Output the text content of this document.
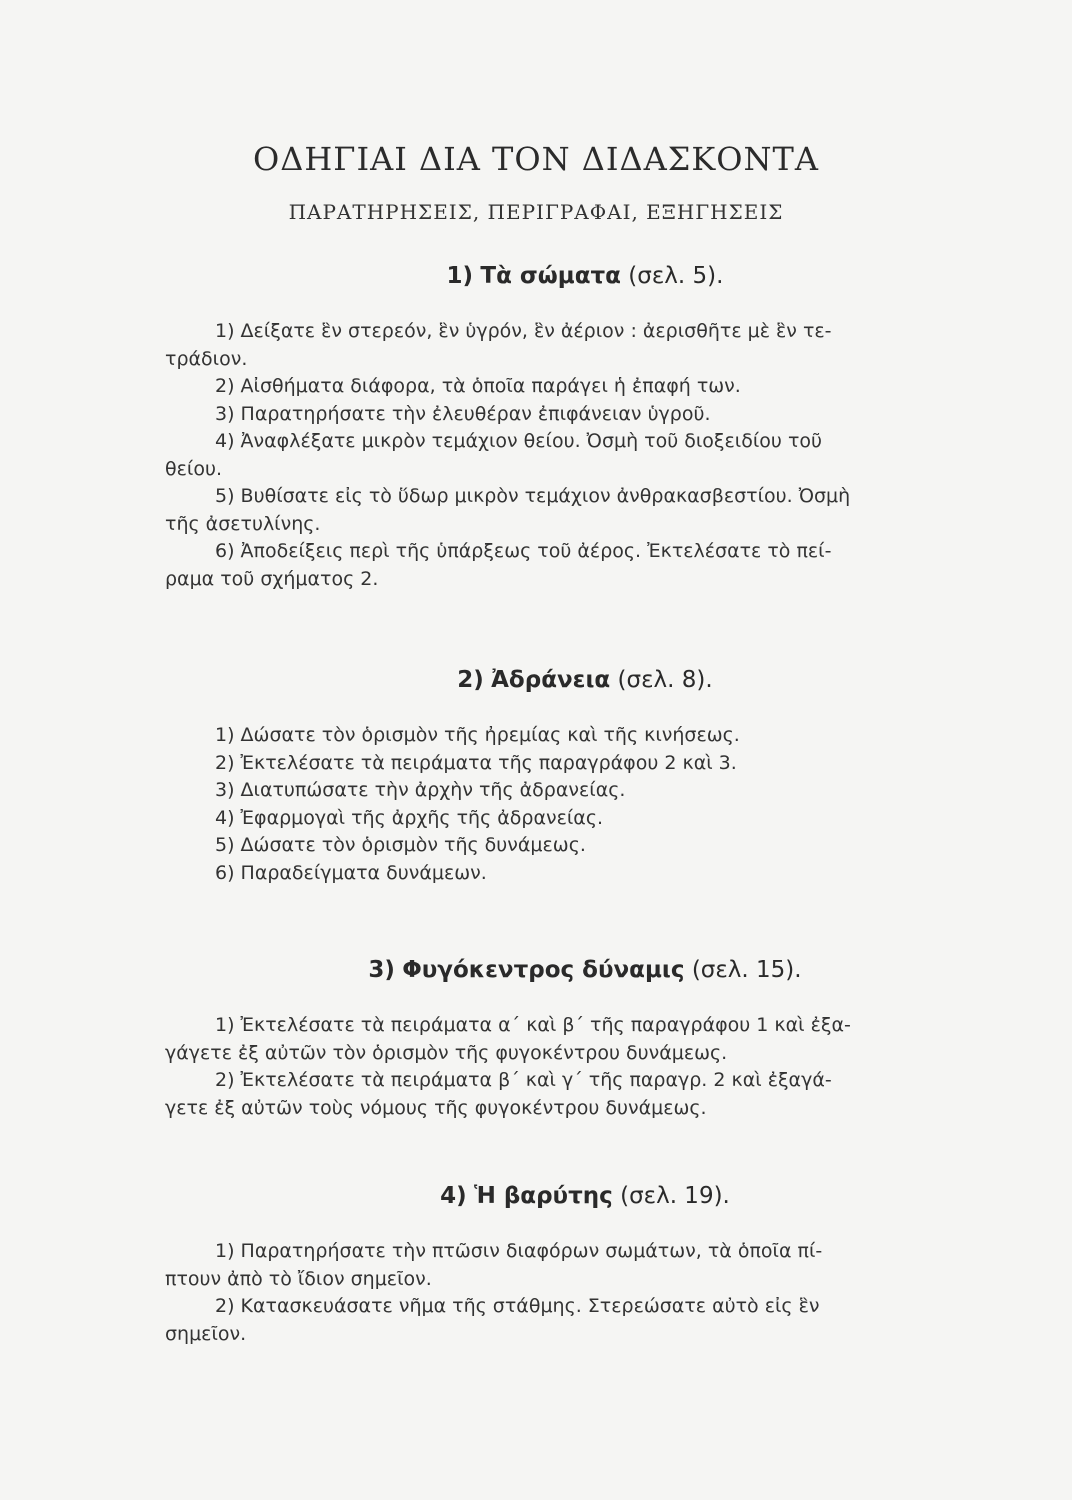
ΟΔΗΓΙΑΙ ΔΙΑ ΤΟΝ ΔΙΔΑΣΚΟΝΤΑ
ΠΑΡΑΤΗΡΗΣΕΙΣ, ΠΕΡΙΓΡΑΦΑΙ, ΕΞΗΓΗΣΕΙΣ
1) Τὰ σώματα (σελ. 5).
1) Δείξατε ἓν στερεόν, ἓν ὑγρόν, ἓν ἀέριον : ἀερισθῆτε μὲ ἓν τε-
τράδιον.
2) Αἰσθήματα διάφορα, τὰ ὁποῖα παράγει ἡ ἐπαφή των.
3) Παρατηρήσατε τὴν ἐλευθέραν ἐπιφάνειαν ὑγροῦ.
4) Ἀναφλέξατε μικρὸν τεμάχιον θείου. Ὀσμὴ τοῦ διοξειδίου τοῦ
θείου.
5) Βυθίσατε εἰς τὸ ὕδωρ μικρὸν τεμάχιον ἀνθρακασβεστίου. Ὀσμὴ
τῆς ἀσετυλίνης.
6) Ἀποδείξεις περὶ τῆς ὑπάρξεως τοῦ ἀέρος. Ἐκτελέσατε τὸ πεί-
ραμα τοῦ σχήματος 2.
2) Ἀδράνεια (σελ. 8).
1) Δώσατε τὸν ὁρισμὸν τῆς ἠρεμίας καὶ τῆς κινήσεως.
2) Ἐκτελέσατε τὰ πειράματα τῆς παραγράφου 2 καὶ 3.
3) Διατυπώσατε τὴν ἀρχὴν τῆς ἀδρανείας.
4) Ἐφαρμογαὶ τῆς ἀρχῆς τῆς ἀδρανείας.
5) Δώσατε τὸν ὁρισμὸν τῆς δυνάμεως.
6) Παραδείγματα δυνάμεων.
3) Φυγόκεντρος δύναμις (σελ. 15).
1) Ἐκτελέσατε τὰ πειράματα α΄ καὶ β΄ τῆς παραγράφου 1 καὶ ἐξα-
γάγετε ἐξ αὐτῶν τὸν ὁρισμὸν τῆς φυγοκέντρου δυνάμεως.
2) Ἐκτελέσατε τὰ πειράματα β΄ καὶ γ΄ τῆς παραγρ. 2 καὶ ἐξαγά-
γετε ἐξ αὐτῶν τοὺς νόμους τῆς φυγοκέντρου δυνάμεως.
4) Ἡ βαρύτης (σελ. 19).
1) Παρατηρήσατε τὴν πτῶσιν διαφόρων σωμάτων, τὰ ὁποῖα πί-
πτουν ἀπὸ τὸ ἴδιον σημεῖον.
2) Κατασκευάσατε νῆμα τῆς στάθμης. Στερεώσατε αὐτὸ εἰς ἓν
σημεῖον.
